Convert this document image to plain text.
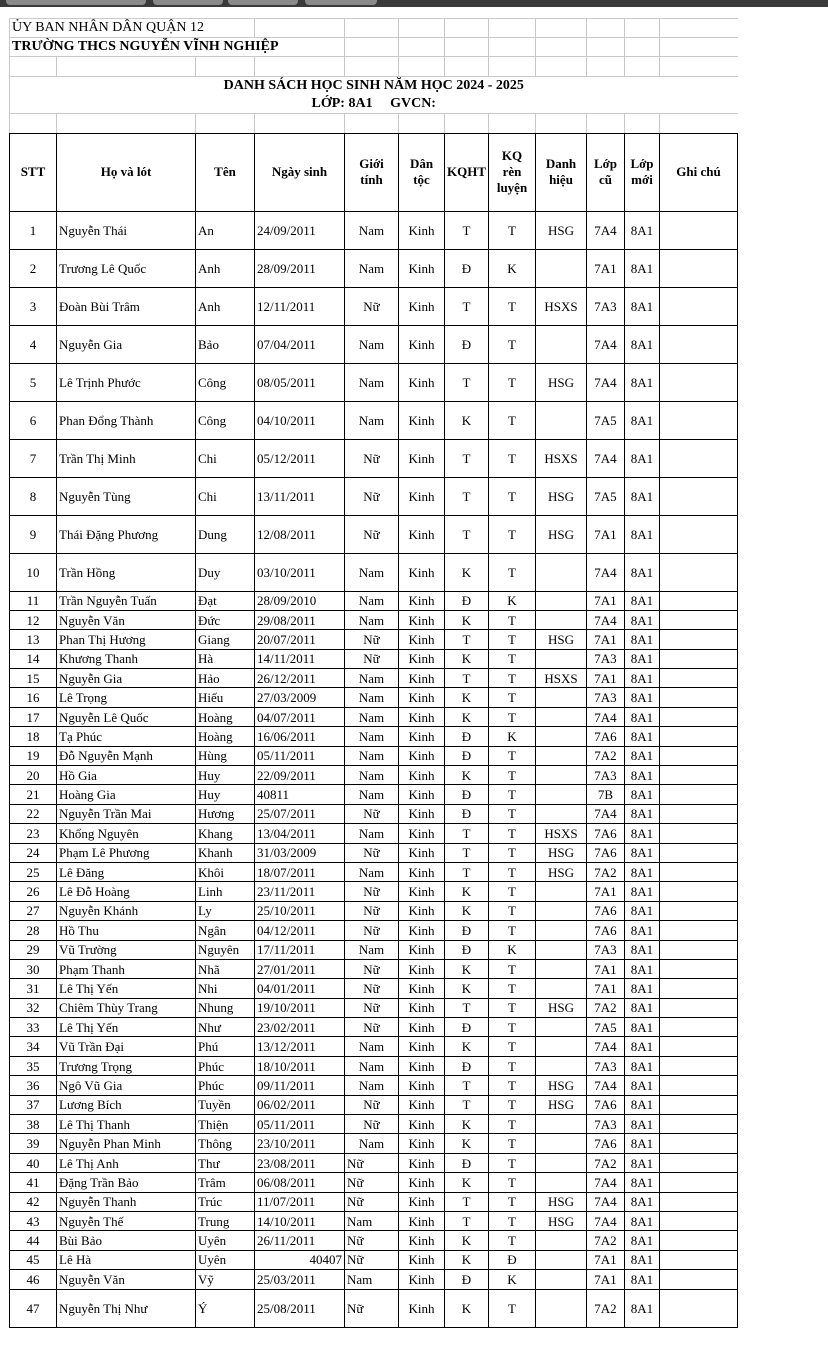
ỦY BAN NHÂN DÂN QUẬN 12											
TRƯỜNG THCS NGUYỄN VĨNH NGHIỆP											

DANH SÁCH HỌC SINH NĂM HỌC 2024 - 2025											
LỚP: 8A1     GVCN:											

STT	Họ và lót	Tên	Ngày sinh	Giới tính	Dân tộc	KQHT	KQ rèn luyện	Danh hiệu	Lớp cũ	Lớp mới	Ghi chú
1	Nguyễn Thái	An	24/09/2011	Nam	Kinh	T	T	HSG	7A4	8A1	
2	Trương Lê Quốc	Anh	28/09/2011	Nam	Kinh	Đ	K		7A1	8A1	
3	Đoàn Bùi Trâm	Anh	12/11/2011	Nữ	Kinh	T	T	HSXS	7A3	8A1	
4	Nguyễn Gia	Bảo	07/04/2011	Nam	Kinh	Đ	T		7A4	8A1	
5	Lê Trịnh Phước	Công	08/05/2011	Nam	Kinh	T	T	HSG	7A4	8A1	
6	Phan Đổng Thành	Công	04/10/2011	Nam	Kinh	K	T		7A5	8A1	
7	Trần Thị Minh	Chi	05/12/2011	Nữ	Kinh	T	T	HSXS	7A4	8A1	
8	Nguyễn Tùng	Chi	13/11/2011	Nữ	Kinh	T	T	HSG	7A5	8A1	
9	Thái Đặng Phương	Dung	12/08/2011	Nữ	Kinh	T	T	HSG	7A1	8A1	
10	Trần Hồng	Duy	03/10/2011	Nam	Kinh	K	T		7A4	8A1	
11	Trần Nguyễn Tuấn	Đạt	28/09/2010	Nam	Kinh	Đ	K		7A1	8A1	
12	Nguyễn Văn	Đức	29/08/2011	Nam	Kinh	K	T		7A4	8A1	
13	Phan Thị Hương	Giang	20/07/2011	Nữ	Kinh	T	T	HSG	7A1	8A1	
14	Khương Thanh	Hà	14/11/2011	Nữ	Kinh	K	T		7A3	8A1	
15	Nguyễn Gia	Hảo	26/12/2011	Nam	Kinh	T	T	HSXS	7A1	8A1	
16	Lê Trọng	Hiếu	27/03/2009	Nam	Kinh	K	T		7A3	8A1	
17	Nguyễn Lê Quốc	Hoàng	04/07/2011	Nam	Kinh	K	T		7A4	8A1	
18	Tạ Phúc	Hoàng	16/06/2011	Nam	Kinh	Đ	K		7A6	8A1	
19	Đỗ Nguyễn Mạnh	Hùng	05/11/2011	Nam	Kinh	Đ	T		7A2	8A1	
20	Hồ Gia	Huy	22/09/2011	Nam	Kinh	K	T		7A3	8A1	
21	Hoàng Gia	Huy	40811	Nam	Kinh	Đ	T		7B	8A1	
22	Nguyễn Trần Mai	Hương	25/07/2011	Nữ	Kinh	Đ	T		7A4	8A1	
23	Khổng Nguyên	Khang	13/04/2011	Nam	Kinh	T	T	HSXS	7A6	8A1	
24	Phạm Lê Phương	Khanh	31/03/2009	Nữ	Kinh	T	T	HSG	7A6	8A1	
25	Lê Đăng	Khôi	18/07/2011	Nam	Kinh	T	T	HSG	7A2	8A1	
26	Lê Đỗ Hoàng	Linh	23/11/2011	Nữ	Kinh	K	T		7A1	8A1	
27	Nguyễn Khánh	Ly	25/10/2011	Nữ	Kinh	K	T		7A6	8A1	
28	Hồ Thu	Ngân	04/12/2011	Nữ	Kinh	Đ	T		7A6	8A1	
29	Vũ Trường	Nguyên	17/11/2011	Nam	Kinh	Đ	K		7A3	8A1	
30	Phạm Thanh	Nhã	27/01/2011	Nữ	Kinh	K	T		7A1	8A1	
31	Lê Thị Yến	Nhi	04/01/2011	Nữ	Kinh	K	T		7A1	8A1	
32	Chiêm Thùy Trang	Nhung	19/10/2011	Nữ	Kinh	T	T	HSG	7A2	8A1	
33	Lê Thị Yến	Như	23/02/2011	Nữ	Kinh	Đ	T		7A5	8A1	
34	Vũ Trần Đại	Phú	13/12/2011	Nam	Kinh	K	T		7A4	8A1	
35	Trương Trọng	Phúc	18/10/2011	Nam	Kinh	Đ	T		7A3	8A1	
36	Ngô Vũ Gia	Phúc	09/11/2011	Nam	Kinh	T	T	HSG	7A4	8A1	
37	Lương Bích	Tuyền	06/02/2011	Nữ	Kinh	T	T	HSG	7A6	8A1	
38	Lê Thị Thanh	Thiện	05/11/2011	Nữ	Kinh	K	T		7A3	8A1	
39	Nguyễn Phan Minh	Thông	23/10/2011	Nam	Kinh	K	T		7A6	8A1	
40	Lê Thị Anh	Thư	23/08/2011	Nữ	Kinh	Đ	T		7A2	8A1	
41	Đặng Trần Bảo	Trâm	06/08/2011	Nữ	Kinh	K	T		7A4	8A1	
42	Nguyễn Thanh	Trúc	11/07/2011	Nữ	Kinh	T	T	HSG	7A4	8A1	
43	Nguyễn Thế	Trung	14/10/2011	Nam	Kinh	T	T	HSG	7A4	8A1	
44	Bùi Bảo	Uyên	26/11/2011	Nữ	Kinh	K	T		7A2	8A1	
45	Lê Hà	Uyên	40407	Nữ	Kinh	K	Đ		7A1	8A1	
46	Nguyễn Văn	Vỹ	25/03/2011	Nam	Kinh	Đ	K		7A1	8A1	
47	Nguyễn Thị Như	Ý	25/08/2011	Nữ	Kinh	K	T		7A2	8A1	
